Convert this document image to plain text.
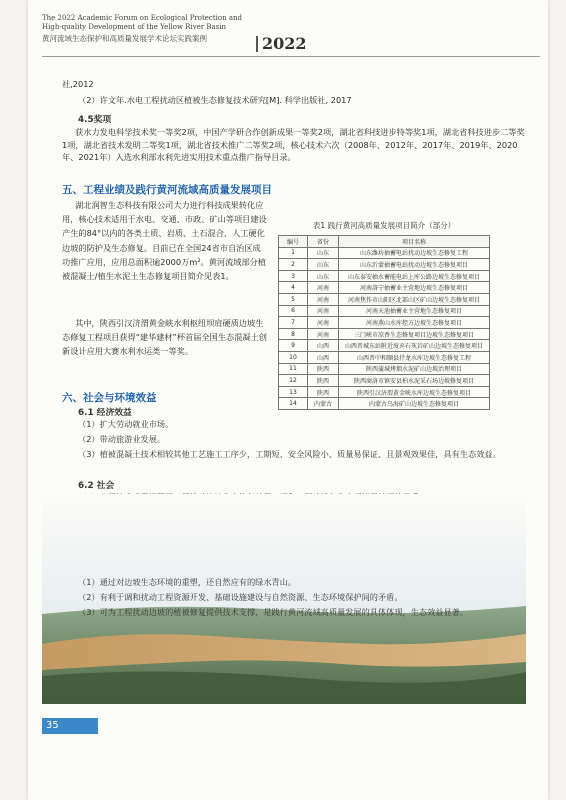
The 2022 Academic Forum on Ecological Protection and
High-quality Development of the Yellow River Basin
黄河流域生态保护和高质量发展学术论坛实践案例	2022
社,2012
（2）许文年.水电工程扰动区植被生态修复技术研究[M]. 科学出版社, 2017
4.5奖项
获水力发电科学技术奖一等奖2项，中国产学研合作创新成果一等奖2项，湖北省科技进步特等奖1项，湖北省科技进步二等奖1项，湖北省技术发明二等奖1项，湖北省技术推广二等奖2项，核心技术六次（2008年、2012年、2017年、2019年、2020年、2021年）入选水利部水利先进实用技术重点推广指导目录。
五、工程业绩及践行黄河流域高质量发展项目
湖北润智生态科技有限公司大力进行科技成果转化应用，核心技术适用于水电、交通、市政、矿山等项目建设产生的84°以内的各类土质、岩质、土石混合、人工硬化边坡的防护及生态修复。目前已在全国24省市自治区成功推广应用，应用总面积逾2000万m²。黄河流域部分植被混凝土/植生水泥土生态修复项目简介见表1。
其中，陕西引汉济渭黄金峡水利枢纽坝肩硬质边坡生态修复工程项目获得“建华建材”杯首届全国生态混凝土创新设计应用大赛水利水运类一等奖。
表1 践行黄河高质量发展项目简介（部分）
编号	省份	项目名称
1	山东	山东潍坊抽蓄电站扰动边坡生态修复工程
2	山东	山东沂蒙抽蓄电站扰动边坡生态修复项目
3	山东	山东泰安抽水蓄能电站上库公路边坡生态修复项目
4	河南	河南洛宁抽蓄业主营地边坡生态修复项目
5	河南	河南焦作市山阳区北部山区矿山边坡生态修复项目
6	河南	河南天池抽蓄业主营地生态修复项目
7	河南	河南燕山水库控方边坡生态修复项目
8	河南	三门峡市凉香生态修复项目边坡生态修复项目
9	山西	山西晋城东站附近废弃石灰岩矿山边坡生态修复项目
10	山西	山西晋中和顺县抒龙水库边坡生态修复工程
11	陕西	陕西蒲城烤烟水泥矿山边坡治理项目
12	陕西	陕西商洛市镇安县柏水泥采石场边坡修复项目
13	陕西	陕西引汉济渭黄金峡水库边坡生态修复项目
14	内蒙古	内蒙古乌海矿山边坡生态修复项目
六、社会与环境效益
6.1 经济效益
（1）扩大劳动就业市场。
（2）带动旅游业发展。
（3）植被混凝土技术相较其他工艺施工工序少，工期短、安全风险小、质量易保证、且景观效果佳，具有生态效益。
6.2 社会
（1）通过对边坡生态环境的重塑，还自然应有的绿水青山。
（2）有利于调和扰动工程资源开发、基础设施建设与自然资源、生态环境保护间的矛盾。
（3）可为工程扰动边坡的植被修复提供技术支撑，是践行黄河流域高质量发展的具体体现，生态效益显著。
35
